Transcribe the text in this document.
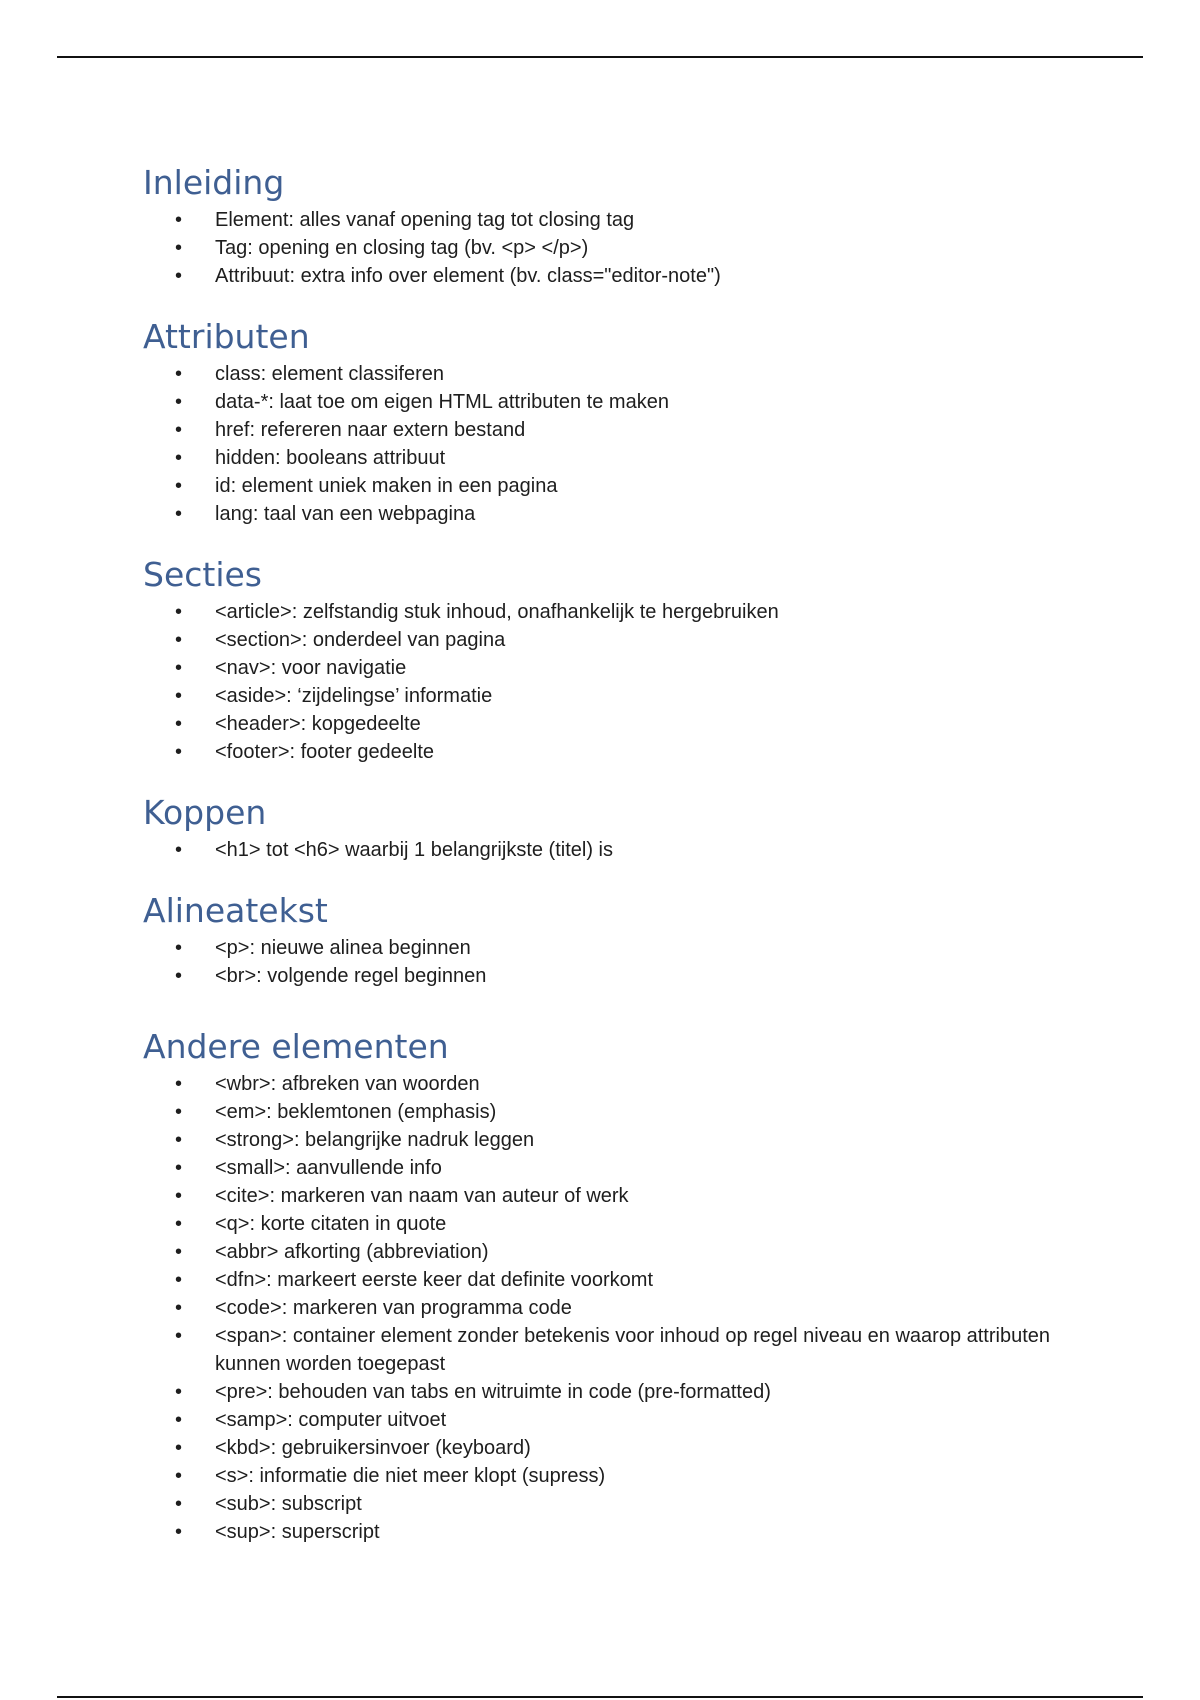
Inleiding
• Element: alles vanaf opening tag tot closing tag
• Tag: opening en closing tag (bv. <p> </p>)
• Attribuut: extra info over element (bv. class="editor-note")
Attributen
• class: element classiferen
• data-*: laat toe om eigen HTML attributen te maken
• href: refereren naar extern bestand
• hidden: booleans attribuut
• id: element uniek maken in een pagina
• lang: taal van een webpagina
Secties
• <article>: zelfstandig stuk inhoud, onafhankelijk te hergebruiken
• <section>: onderdeel van pagina
• <nav>: voor navigatie
• <aside>: ‘zijdelingse’ informatie
• <header>: kopgedeelte
• <footer>: footer gedeelte
Koppen
• <h1> tot <h6> waarbij 1 belangrijkste (titel) is
Alineatekst
• <p>: nieuwe alinea beginnen
• <br>: volgende regel beginnen
Andere elementen
• <wbr>: afbreken van woorden
• <em>: beklemtonen (emphasis)
• <strong>: belangrijke nadruk leggen
• <small>: aanvullende info
• <cite>: markeren van naam van auteur of werk
• <q>: korte citaten in quote
• <abbr> afkorting (abbreviation)
• <dfn>: markeert eerste keer dat definite voorkomt
• <code>: markeren van programma code
• <span>: container element zonder betekenis voor inhoud op regel niveau en waarop attributen kunnen worden toegepast
• <pre>: behouden van tabs en witruimte in code (pre-formatted)
• <samp>: computer uitvoet
• <kbd>: gebruikersinvoer (keyboard)
• <s>: informatie die niet meer klopt (supress)
• <sub>: subscript
• <sup>: superscript
